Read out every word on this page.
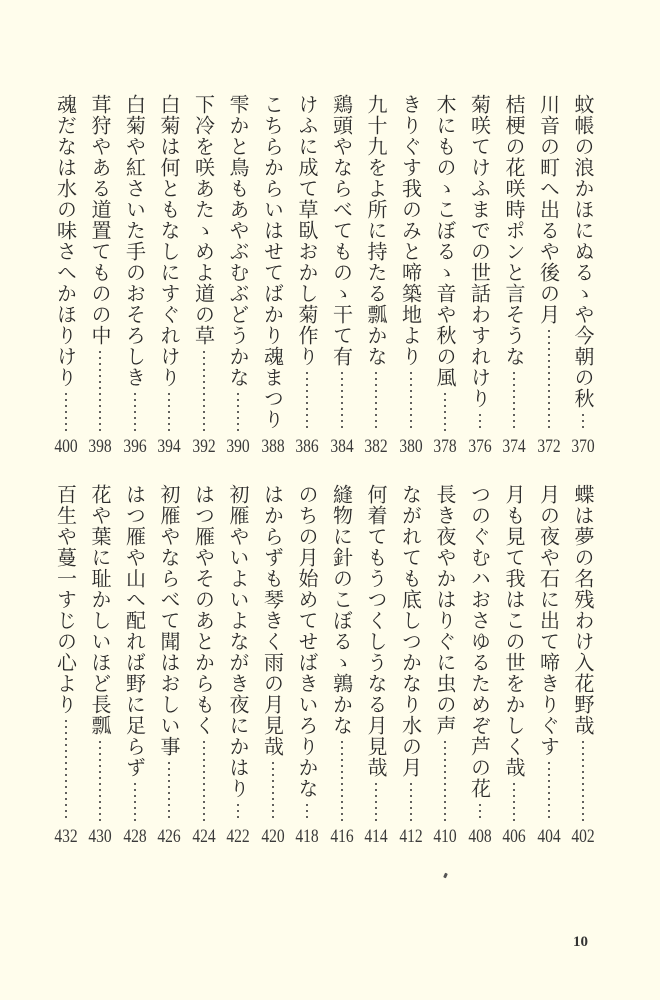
蚊帳の浪かほにぬるゝや今朝の秋
370
川音の町へ出るや後の月
372
桔梗の花咲時ポンと言そうな
374
菊咲てけふまでの世話わすれけり
376
木にものゝこぼるゝ音や秋の風
378
きりぐす我のみと啼築地より
380
九十九をよ所に持たる瓢かな
382
鶏頭やならべてものゝ干て有
384
けふに成て草臥おかし菊作り
386
こちらからいはせてばかり魂まつり
388
雫かと鳥もあやぶむぶどうかな
390
下冷を咲あたゝめよ道の草
392
白菊は何ともなしにすぐれけり
394
白菊や紅さいた手のおそろしき
396
茸狩やある道置てものの中
398
魂だなは水の味さへかほりけり
400
蝶は夢の名残わけ入花野哉
402
月の夜や石に出て啼きりぐす
404
月も見て我はこの世をかしく哉
406
つのぐむハおさゆるためぞ芦の花
408
長き夜やかはりぐに虫の声
410
ながれても底しつかなり水の月
412
何着てもうつくしうなる月見哉
414
縫物に針のこぼるゝ鶉かな
416
のちの月始めてせばきいろりかな
418
はからずも琴きく雨の月見哉
420
初雁やいよいよながき夜にかはり
422
はつ雁やそのあとからもく
424
初雁やならべて聞はおしい事
426
はつ雁や山へ配れば野に足らず
428
花や葉に耻かしいほど長瓢
430
百生や蔓一すじの心より
432
10
